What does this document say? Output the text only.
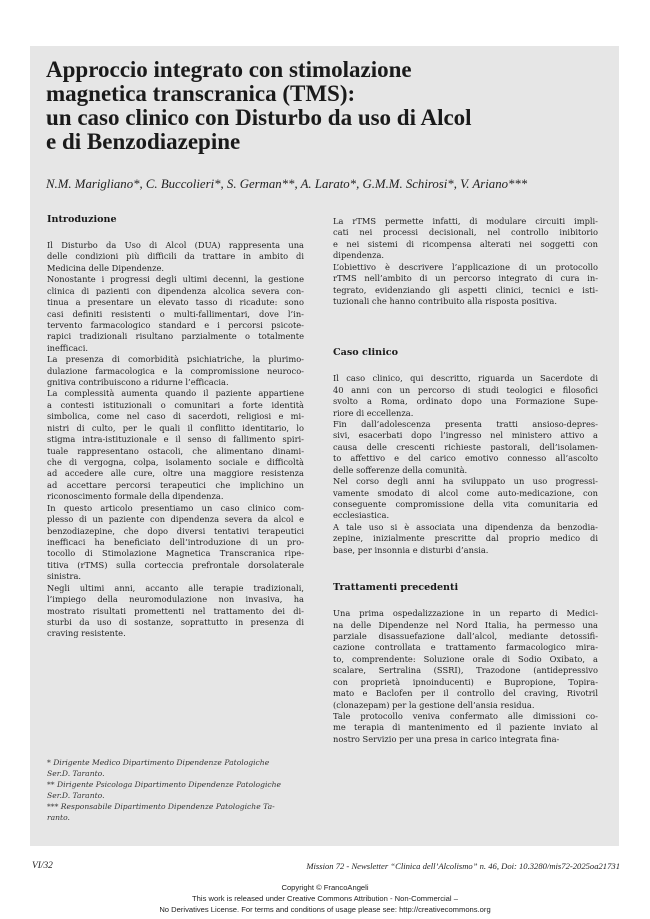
Approccio integrato con stimolazione
magnetica transcranica (TMS):
un caso clinico con Disturbo da uso di Alcol
e di Benzodiazepine

N.M. Marigliano*, C. Buccolieri*, S. German**, A. Larato*, G.M.M. Schirosi*, V. Ariano***

Introduzione

Il Disturbo da Uso di Alcol (DUA) rappresenta una
delle condizioni più difficili da trattare in ambito di
Medicina delle Dipendenze.

Nonostante i progressi degli ultimi decenni, la gestione
clinica di pazienti con dipendenza alcolica severa con-
tinua a presentare un elevato tasso di ricadute: sono
casi definiti resistenti o multi-fallimentari, dove l’in-
tervento farmacologico standard e i percorsi psicote-
rapici tradizionali risultano parzialmente o totalmente
inefficaci.

La presenza di comorbidità psichiatriche, la plurimo-
dulazione farmacologica e la compromissione neuroco-
gnitiva contribuiscono a ridurne l’efficacia.

La complessità aumenta quando il paziente appartiene
a contesti istituzionali o comunitari a forte identità
simbolica, come nel caso di sacerdoti, religiosi e mi-
nistri di culto, per le quali il conflitto identitario, lo
stigma intra-istituzionale e il senso di fallimento spiri-
tuale rappresentano ostacoli, che alimentano dinami-
che di vergogna, colpa, isolamento sociale e difficoltà
ad accedere alle cure, oltre una maggiore resistenza
ad accettare percorsi terapeutici che implichino un
riconoscimento formale della dipendenza.

In questo articolo presentiamo un caso clinico com-
plesso di un paziente con dipendenza severa da alcol e
benzodiazepine, che dopo diversi tentativi terapeutici
inefficaci ha beneficiato dell’introduzione di un pro-
tocollo di Stimolazione Magnetica Transcranica ripe-
titiva (rTMS) sulla corteccia prefrontale dorsolaterale
sinistra.

Negli ultimi anni, accanto alle terapie tradizionali,
l’impiego della neuromodulazione non invasiva, ha
mostrato risultati promettenti nel trattamento dei di-
sturbi da uso di sostanze, soprattutto in presenza di
craving resistente.

* Dirigente Medico Dipartimento Dipendenze Patologiche
Ser.D. Taranto.

** Dirigente Psicologa Dipartimento Dipendenze Patologiche
Ser.D. Taranto.

*** Responsabile Dipartimento Dipendenze Patologiche Ta-
ranto.

La rTMS permette infatti, di modulare circuiti impli-
cati nei processi decisionali, nel controllo inibitorio
e nei sistemi di ricompensa alterati nei soggetti con
dipendenza.

L’obiettivo è descrivere l’applicazione di un protocollo
rTMS nell’ambito di un percorso integrato di cura in-
tegrato, evidenziando gli aspetti clinici, tecnici e isti-
tuzionali che hanno contribuito alla risposta positiva.

Caso clinico

Il caso clinico, qui descritto, riguarda un Sacerdote di
40 anni con un percorso di studi teologici e filosofici
svolto a Roma, ordinato dopo una Formazione Supe-
riore di eccellenza.

Fin dall’adolescenza presenta tratti ansioso-depres-
sivi, esacerbati dopo l’ingresso nel ministero attivo a
causa delle crescenti richieste pastorali, dell’isolamen-
to affettivo e del carico emotivo connesso all’ascolto
delle sofferenze della comunità.

Nel corso degli anni ha sviluppato un uso progressi-
vamente smodato di alcol come auto-medicazione, con
conseguente compromissione della vita comunitaria ed
ecclesiastica.

A tale uso si è associata una dipendenza da benzodia-
zepine, inizialmente prescritte dal proprio medico di
base, per insonnia e disturbi d’ansia.

Trattamenti precedenti

Una prima ospedalizzazione in un reparto di Medici-
na delle Dipendenze nel Nord Italia, ha permesso una
parziale disassuefazione dall’alcol, mediante detossifi-
cazione controllata e trattamento farmacologico mira-
to, comprendente: Soluzione orale di Sodio Oxibato, a
scalare, Sertralina (SSRI), Trazodone (antidepressivo
con proprietà ipnoinducenti) e Bupropione, Topira-
mato e Baclofen per il controllo del craving, Rivotril
(clonazepam) per la gestione dell’ansia residua.

Tale protocollo veniva confermato alle dimissioni co-
me terapia di mantenimento ed il paziente inviato al
nostro Servizio per una presa in carico integrata fina-

VI/32	Mission 72 - Newsletter “Clinica dell’Alcolismo” n. 46, Doi: 10.3280/mis72-2025oa21731
Copyright © FrancoAngeli
This work is released under Creative Commons Attribution - Non-Commercial –
No Derivatives License. For terms and conditions of usage please see: http://creativecommons.org
